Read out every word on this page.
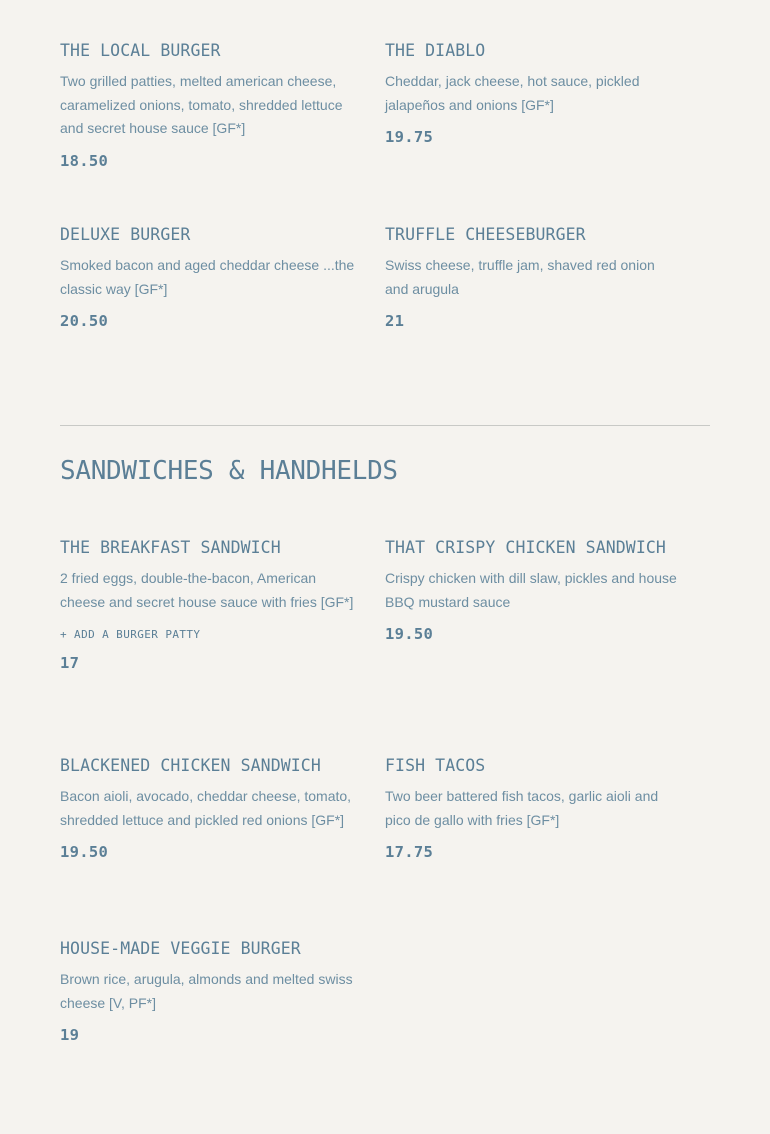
THE LOCAL BURGER
Two grilled patties, melted american cheese, caramelized onions, tomato, shredded lettuce and secret house sauce [GF*]
18.50
THE DIABLO
Cheddar, jack cheese, hot sauce, pickled jalapeños and onions [GF*]
19.75
DELUXE BURGER
Smoked bacon and aged cheddar cheese ...the classic way [GF*]
20.50
TRUFFLE CHEESEBURGER
Swiss cheese, truffle jam, shaved red onion and arugula
21
SANDWICHES & HANDHELDS
THE BREAKFAST SANDWICH
2 fried eggs, double-the-bacon, American cheese and secret house sauce with fries [GF*]
+ ADD A BURGER PATTY
17
THAT CRISPY CHICKEN SANDWICH
Crispy chicken with dill slaw, pickles and house BBQ mustard sauce
19.50
BLACKENED CHICKEN SANDWICH
Bacon aioli, avocado, cheddar cheese, tomato, shredded lettuce and pickled red onions [GF*]
19.50
FISH TACOS
Two beer battered fish tacos, garlic aioli and pico de gallo with fries [GF*]
17.75
HOUSE-MADE VEGGIE BURGER
Brown rice, arugula, almonds and melted swiss cheese [V, PF*]
19
